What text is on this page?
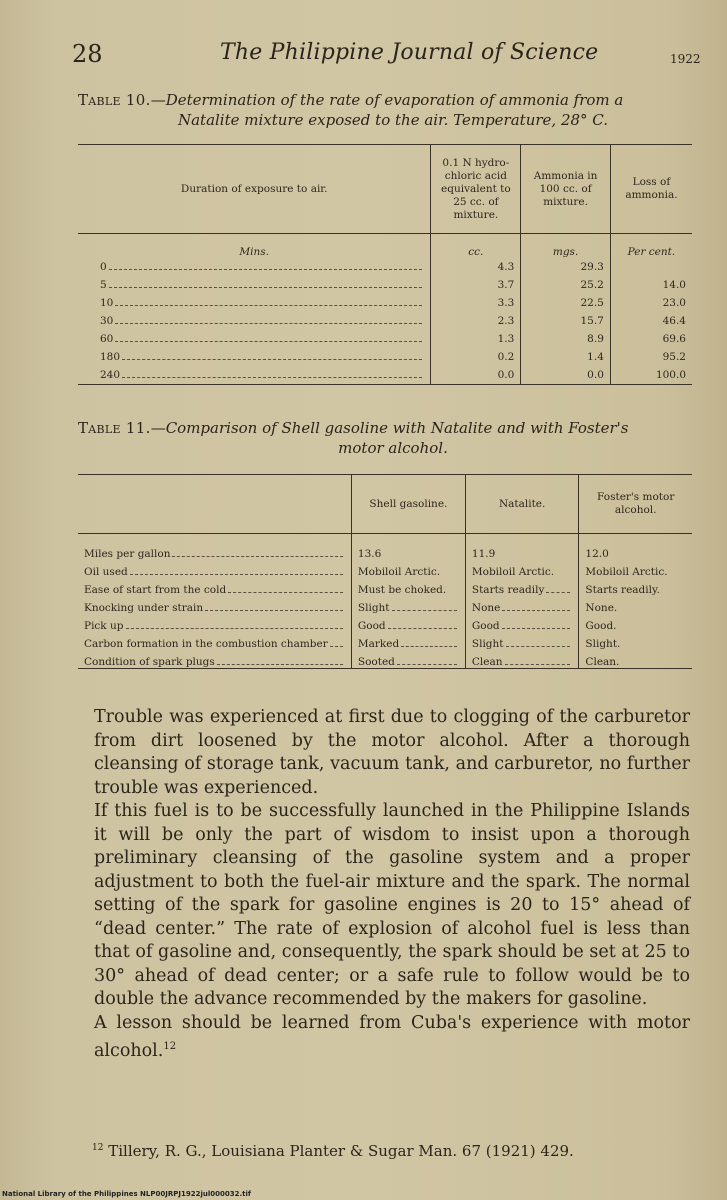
28	The Philippine Journal of Science	1922
Table 10.—Determination of the rate of evaporation of ammonia from a
Natalite mixture exposed to the air. Temperature, 28° C.
Duration of exposure to air.	0.1 N hydro-chloric acid equivalent to 25 cc. of mixture.	Ammonia in 100 cc. of mixture.	Loss of ammonia.
Mins.	cc.	mgs.	Per cent.

0	4.3	29.3	

5	3.7	25.2	14.0

10	3.3	22.5	23.0

30	2.3	15.7	46.4

60	1.3	8.9	69.6

180	0.2	1.4	95.2

240	0.0	0.0	100.0
Table 11.—Comparison of Shell gasoline with Natalite and with Foster's
motor alcohol.
	Shell gasoline.	Natalite.	Foster's motor alcohol.

Miles per gallon	13.6	11.9	12.0

Oil used	Mobiloil Arctic.	Mobiloil Arctic.	Mobiloil Arctic.

Ease of start from the cold	Must be choked.	Starts readily	Starts readily.

Knocking under strain	Slight	None	None.

Pick up	Good	Good	Good.

Carbon formation in the combustion chamber	Marked	Slight	Slight.

Condition of spark plugs	Sooted	Clean	Clean.

Trouble was experienced at first due to clogging of the carburetor from dirt loosened by the motor alcohol. After a thorough cleansing of storage tank, vacuum tank, and carburetor, no further trouble was experienced.

If this fuel is to be successfully launched in the Philippine Islands it will be only the part of wisdom to insist upon a thorough preliminary cleansing of the gasoline system and a proper adjustment to both the fuel-air mixture and the spark. The normal setting of the spark for gasoline engines is 20 to 15° ahead of “dead center.” The rate of explosion of alcohol fuel is less than that of gasoline and, consequently, the spark should be set at 25 to 30° ahead of dead center; or a safe rule to follow would be to double the advance recommended by the makers for gasoline.

A lesson should be learned from Cuba's experience with motor alcohol.$^{12}$

$^{12}$ Tillery, R. G., Louisiana Planter & Sugar Man. 67 (1921) 429.
National Library of the Philippines NLP00JRPJ1922jul000032.tif
